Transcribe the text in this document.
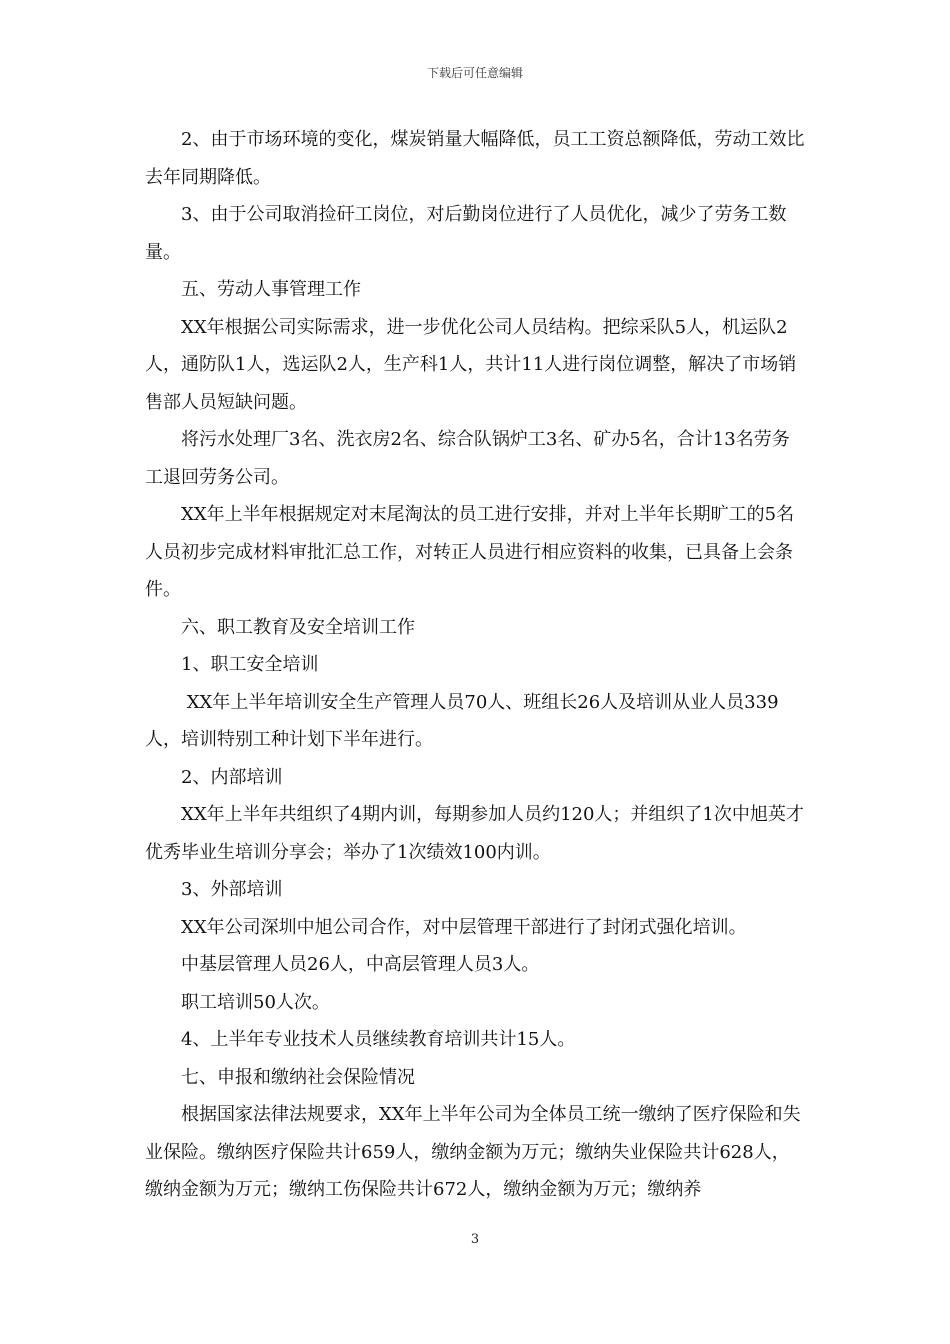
下载后可任意编辑

2、由于市场环境的变化，煤炭销量大幅降低，员工工资总额降低，劳动工效比去年同期降低。

3、由于公司取消捡矸工岗位，对后勤岗位进行了人员优化，减少了劳务工数量。

五、劳动人事管理工作

XX年根据公司实际需求，进一步优化公司人员结构。把综采队5人，机运队2人，通防队1人，选运队2人，生产科1人，共计11人进行岗位调整，解决了市场销售部人员短缺问题。

将污水处理厂3名、洗衣房2名、综合队锅炉工3名、矿办5名，合计13名劳务工退回劳务公司。

XX年上半年根据规定对末尾淘汰的员工进行安排，并对上半年长期旷工的5名人员初步完成材料审批汇总工作，对转正人员进行相应资料的收集，已具备上会条件。

六、职工教育及安全培训工作

1、职工安全培训

XX年上半年培训安全生产管理人员70人、班组长26人及培训从业人员339人，培训特别工种计划下半年进行。

2、内部培训

XX年上半年共组织了4期内训，每期参加人员约120人；并组织了1次中旭英才优秀毕业生培训分享会；举办了1次绩效100内训。

3、外部培训

XX年公司深圳中旭公司合作，对中层管理干部进行了封闭式强化培训。

中基层管理人员26人，中高层管理人员3人。

职工培训50人次。

4、上半年专业技术人员继续教育培训共计15人。

七、申报和缴纳社会保险情况

根据国家法律法规要求，XX年上半年公司为全体员工统一缴纳了医疗保险和失业保险。缴纳医疗保险共计659人，缴纳金额为万元；缴纳失业保险共计628人，缴纳金额为万元；缴纳工伤保险共计672人，缴纳金额为万元；缴纳养

3
